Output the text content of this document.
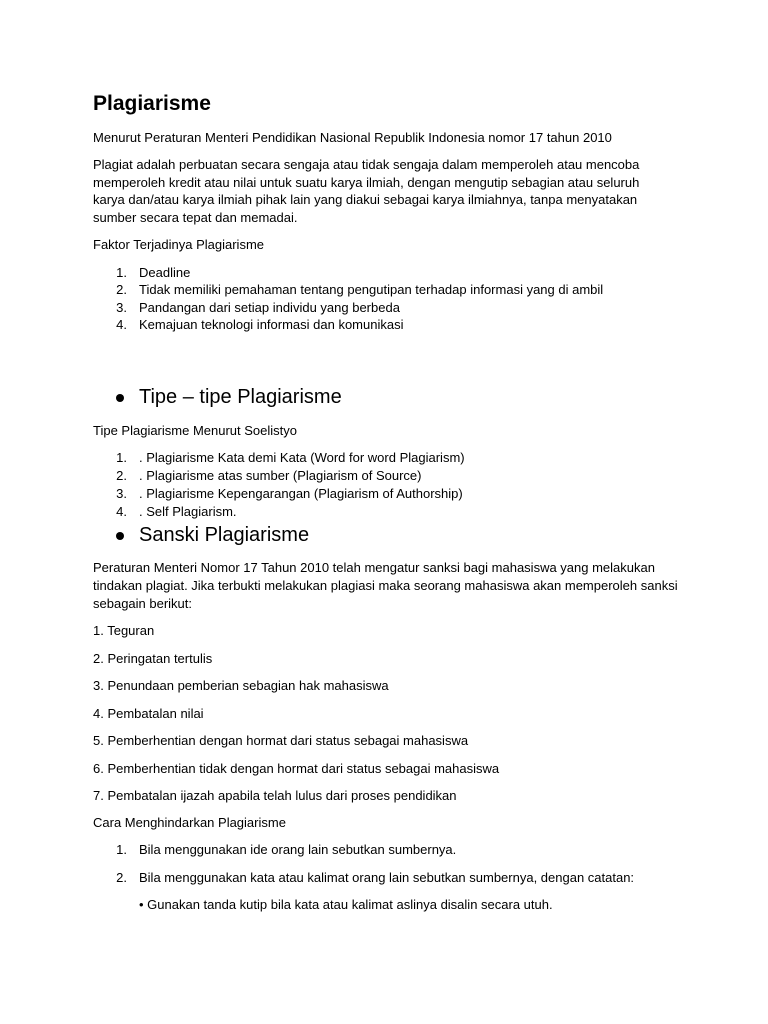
Plagiarisme
Menurut Peraturan Menteri Pendidikan Nasional Republik Indonesia nomor 17 tahun 2010
Plagiat adalah perbuatan secara sengaja atau tidak sengaja dalam memperoleh atau mencoba
memperoleh kredit atau nilai untuk suatu karya ilmiah, dengan mengutip sebagian atau seluruh
karya dan/atau karya ilmiah pihak lain yang diakui sebagai karya ilmiahnya, tanpa menyatakan
sumber secara tepat dan memadai.
Faktor Terjadinya Plagiarisme
1. Deadline
2. Tidak memiliki pemahaman tentang pengutipan terhadap informasi yang di ambil
3. Pandangan dari setiap individu yang berbeda
4. Kemajuan teknologi informasi dan komunikasi
Tipe – tipe Plagiarisme
Tipe Plagiarisme Menurut Soelistyo
1. . Plagiarisme Kata demi Kata (Word for word Plagiarism)
2. . Plagiarisme atas sumber (Plagiarism of Source)
3. . Plagiarisme Kepengarangan (Plagiarism of Authorship)
4. . Self Plagiarism.
Sanski Plagiarisme
Peraturan Menteri Nomor 17 Tahun 2010 telah mengatur sanksi bagi mahasiswa yang melakukan
tindakan plagiat. Jika terbukti melakukan plagiasi maka seorang mahasiswa akan memperoleh sanksi
sebagain berikut:
1. Teguran
2. Peringatan tertulis
3. Penundaan pemberian sebagian hak mahasiswa
4. Pembatalan nilai
5. Pemberhentian dengan hormat dari status sebagai mahasiswa
6. Pemberhentian tidak dengan hormat dari status sebagai mahasiswa
7. Pembatalan ijazah apabila telah lulus dari proses pendidikan
Cara Menghindarkan Plagiarisme
1. Bila menggunakan ide orang lain sebutkan sumbernya.
2. Bila menggunakan kata atau kalimat orang lain sebutkan sumbernya, dengan catatan:
• Gunakan tanda kutip bila kata atau kalimat aslinya disalin secara utuh.
